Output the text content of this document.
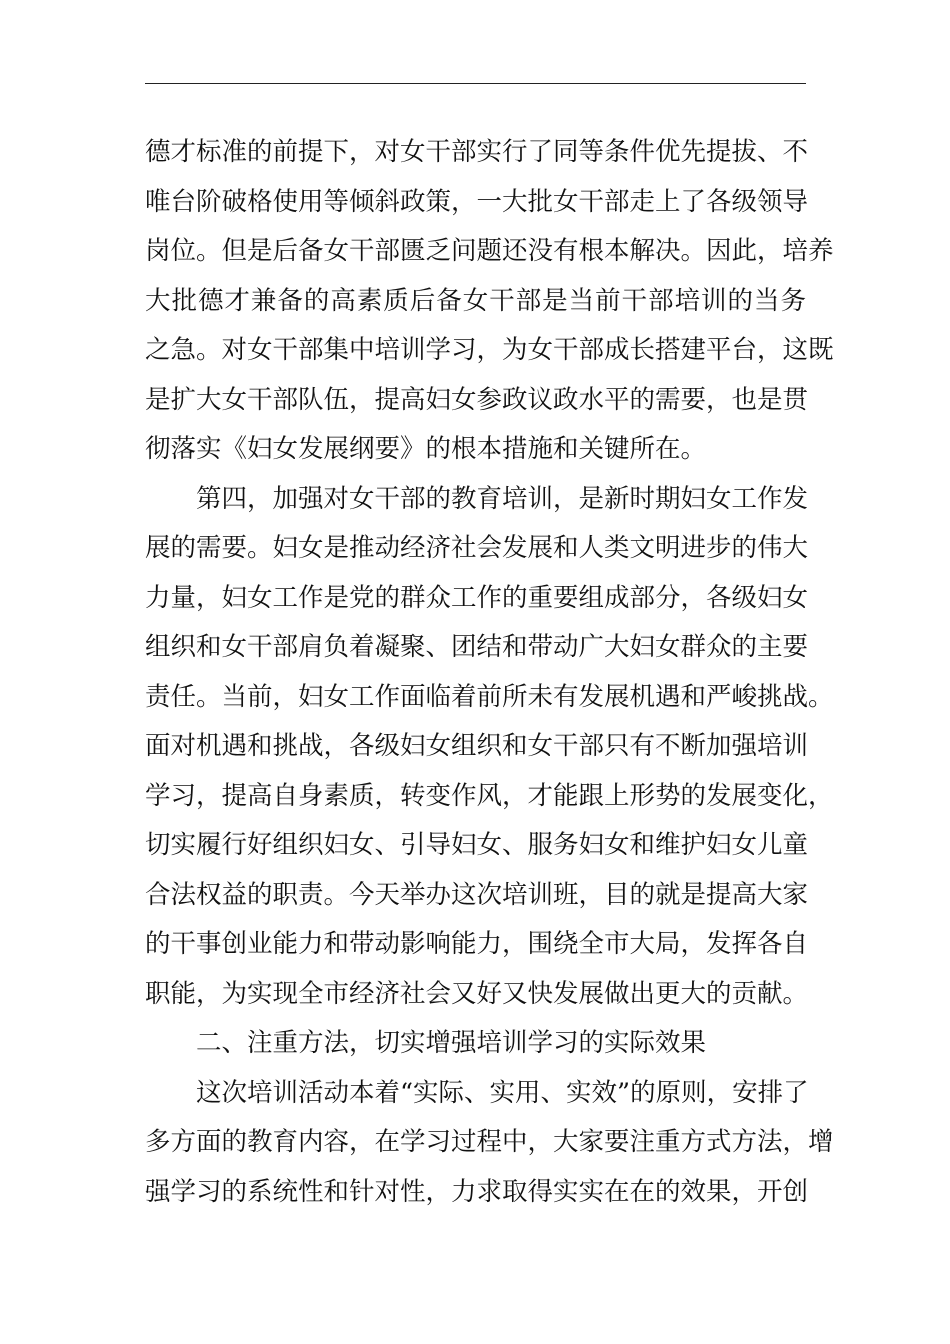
德才标准的前提下，对女干部实行了同等条件优先提拔、不
唯台阶破格使用等倾斜政策，一大批女干部走上了各级领导
岗位。但是后备女干部匮乏问题还没有根本解决。因此，培养
大批德才兼备的高素质后备女干部是当前干部培训的当务
之急。对女干部集中培训学习，为女干部成长搭建平台，这既
是扩大女干部队伍，提高妇女参政议政水平的需要，也是贯
彻落实《妇女发展纲要》的根本措施和关键所在。
第四，加强对女干部的教育培训，是新时期妇女工作发
展的需要。妇女是推动经济社会发展和人类文明进步的伟大
力量，妇女工作是党的群众工作的重要组成部分，各级妇女
组织和女干部肩负着凝聚、团结和带动广大妇女群众的主要
责任。当前，妇女工作面临着前所未有发展机遇和严峻挑战。
面对机遇和挑战，各级妇女组织和女干部只有不断加强培训
学习，提高自身素质，转变作风，才能跟上形势的发展变化，
切实履行好组织妇女、引导妇女、服务妇女和维护妇女儿童
合法权益的职责。今天举办这次培训班，目的就是提高大家
的干事创业能力和带动影响能力，围绕全市大局，发挥各自
职能，为实现全市经济社会又好又快发展做出更大的贡献。
二、注重方法，切实增强培训学习的实际效果
这次培训活动本着“实际、实用、实效”的原则，安排了
多方面的教育内容，在学习过程中，大家要注重方式方法，增
强学习的系统性和针对性，力求取得实实在在的效果，开创
